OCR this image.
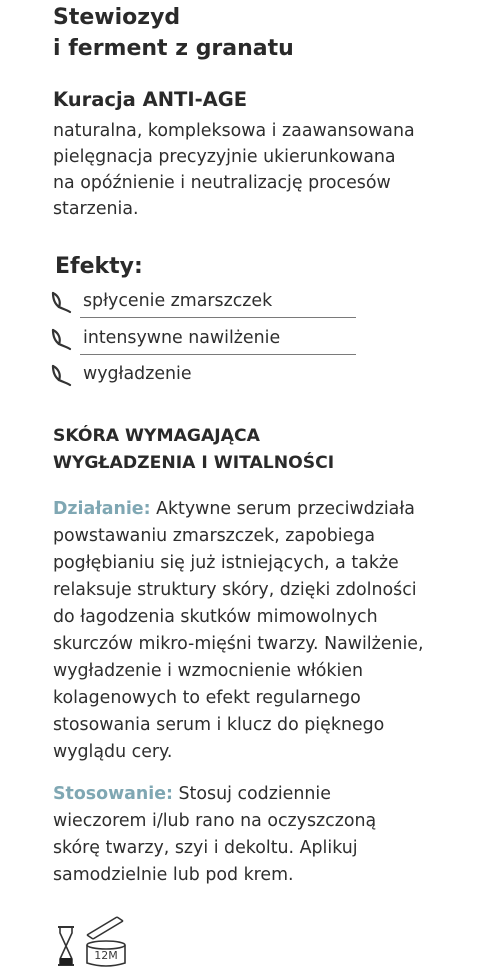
Stewiozyd
i ferment z granatu
Kuracja ANTI-AGE
naturalna, kompleksowa i zaawansowana
pielęgnacja precyzyjnie ukierunkowana
na opóźnienie i neutralizację procesów
starzenia.
Efekty:
spłycenie zmarszczek
intensywne nawilżenie
wygładzenie
SKÓRA WYMAGAJĄCA
WYGŁADZENIA I WITALNOŚCI
Działanie: Aktywne serum przeciwdziała
powstawaniu zmarszczek, zapobiega
pogłębianiu się już istniejących, a także
relaksuje struktury skóry, dzięki zdolności
do łagodzenia skutków mimowolnych
skurczów mikro-mięśni twarzy. Nawilżenie,
wygładzenie i wzmocnienie włókien
kolagenowych to efekt regularnego
stosowania serum i klucz do pięknego
wyglądu cery.
Stosowanie: Stosuj codziennie
wieczorem i/lub rano na oczyszczoną
skórę twarzy, szyi i dekoltu. Aplikuj
samodzielnie lub pod krem.
12M
